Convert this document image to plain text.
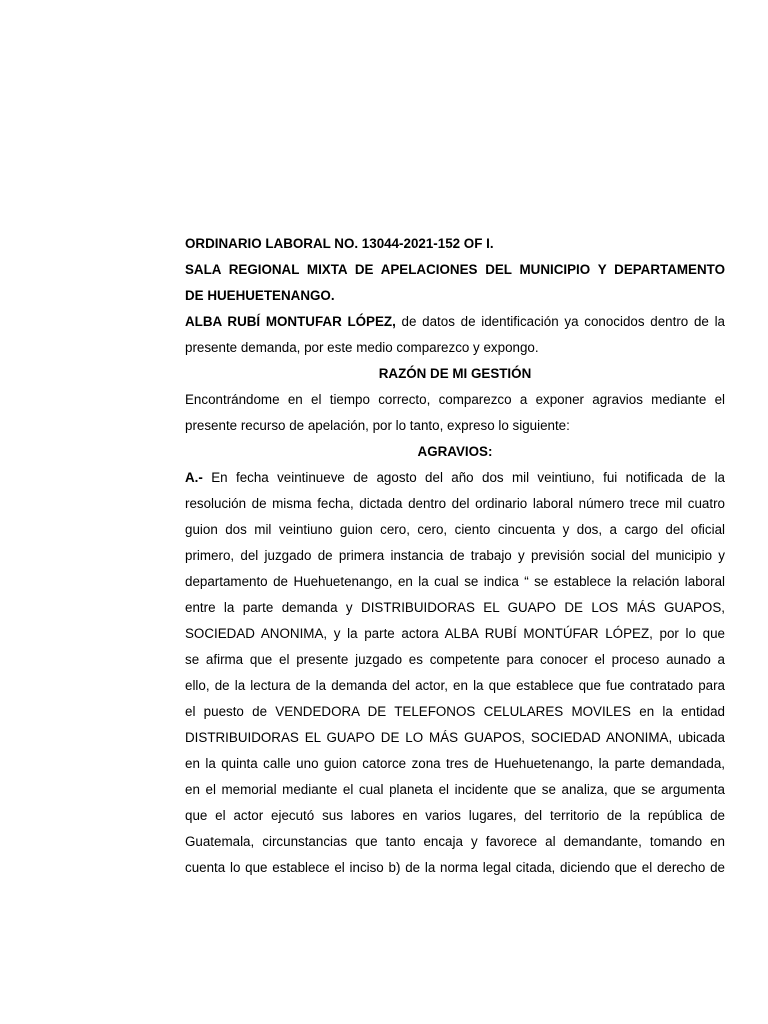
ORDINARIO LABORAL NO. 13044-2021-152 OF I.
SALA REGIONAL MIXTA DE APELACIONES DEL MUNICIPIO Y DEPARTAMENTO
DE HUEHUETENANGO.
ALBA RUBÍ MONTUFAR LÓPEZ, de datos de identificación ya conocidos dentro de la
presente demanda, por este medio comparezco y expongo.
RAZÓN DE MI GESTIÓN
Encontrándome en el tiempo correcto, comparezco a exponer agravios mediante el
presente recurso de apelación, por lo tanto, expreso lo siguiente:
AGRAVIOS:
A.- En fecha veintinueve de agosto del año dos mil veintiuno, fui notificada de la
resolución de misma fecha, dictada dentro del ordinario laboral número trece mil cuatro
guion dos mil veintiuno guion cero, cero, ciento cincuenta y dos, a cargo del oficial
primero, del juzgado de primera instancia de trabajo y previsión social del municipio y
departamento de Huehuetenango, en la cual se indica “ se establece la relación laboral
entre la parte demanda y DISTRIBUIDORAS EL GUAPO DE LOS MÁS GUAPOS,
SOCIEDAD ANONIMA, y la parte actora ALBA RUBÍ MONTÚFAR LÓPEZ, por lo que
se afirma que el presente juzgado es competente para conocer el proceso aunado a
ello, de la lectura de la demanda del actor, en la que establece que fue contratado para
el puesto de VENDEDORA DE TELEFONOS CELULARES MOVILES en la entidad
DISTRIBUIDORAS EL GUAPO DE LO MÁS GUAPOS, SOCIEDAD ANONIMA, ubicada
en la quinta calle uno guion catorce zona tres de Huehuetenango, la parte demandada,
en el memorial mediante el cual planeta el incidente que se analiza, que se argumenta
que el actor ejecutó sus labores en varios lugares, del territorio de la república de
Guatemala, circunstancias que tanto encaja y favorece al demandante, tomando en
cuenta lo que establece el inciso b) de la norma legal citada, diciendo que el derecho de
